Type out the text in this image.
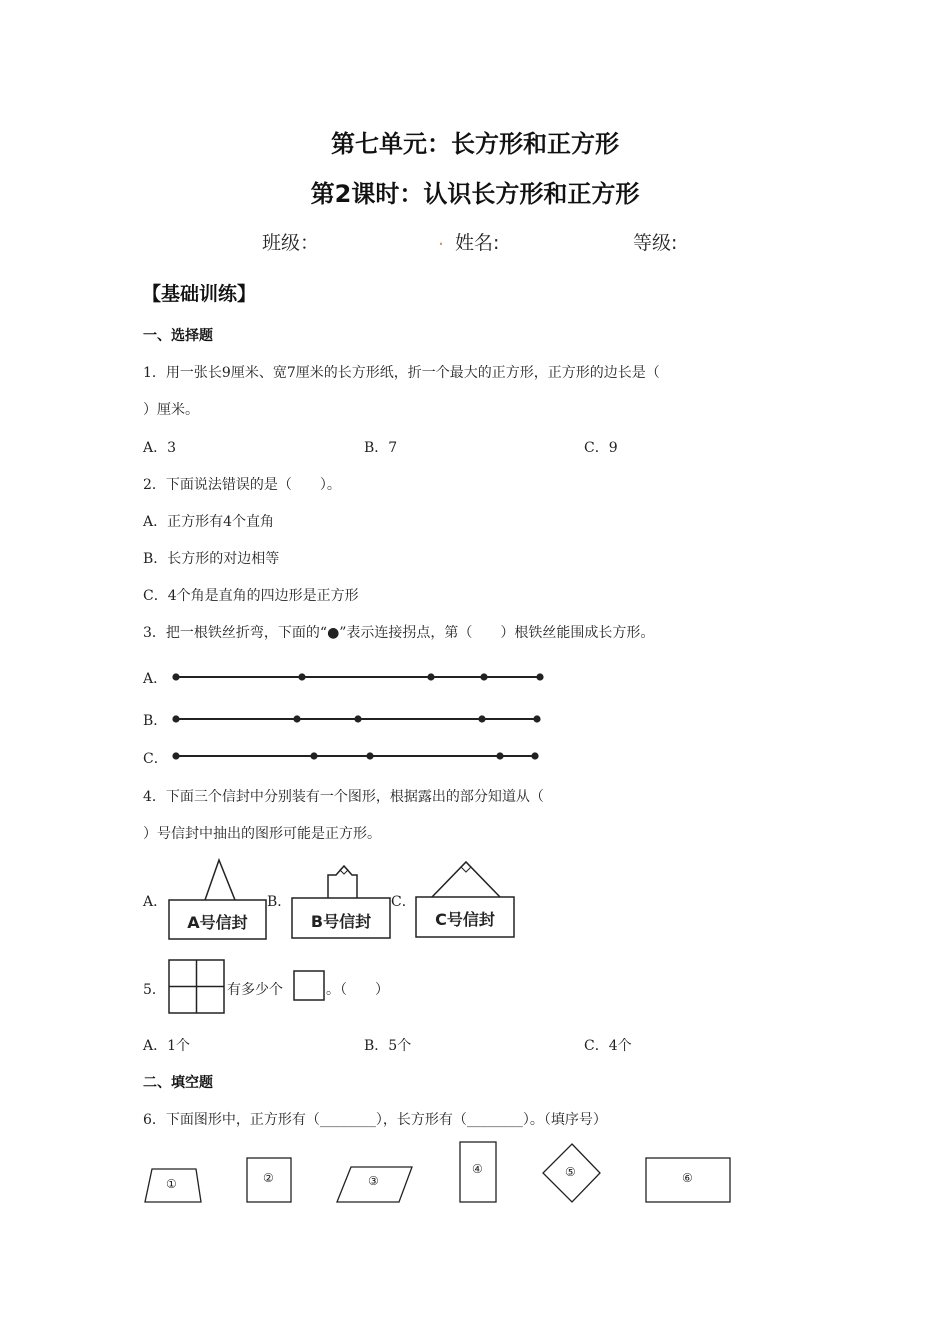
第七单元：长方形和正方形
第2课时：认识长方形和正方形
班级：	. 姓名:	等级:
【基础训练】
一、选择题
1．用一张长9厘米、宽7厘米的长方形纸，折一个最大的正方形，正方形的边长是（
）厘米。
A．3	B．7	C．9
2．下面说法错误的是（　　）。
A．正方形有4个直角
B．长方形的对边相等
C．4个角是直角的四边形是正方形
3．把一根铁丝折弯，下面的“●”表示连接拐点，第（　　）根铁丝能围成长方形。
A．
B．
C．
4．下面三个信封中分别装有一个图形，根据露出的部分知道从（
）号信封中抽出的图形可能是正方形。
A．	B．	C．
A号信封	B号信封	C号信封
5．	有多少个	。（　　）
A．1个	B．5个	C．4个
二、填空题
6．下面图形中，正方形有（________），长方形有（________）。（填序号）
①	②	③
④	⑤	⑥
